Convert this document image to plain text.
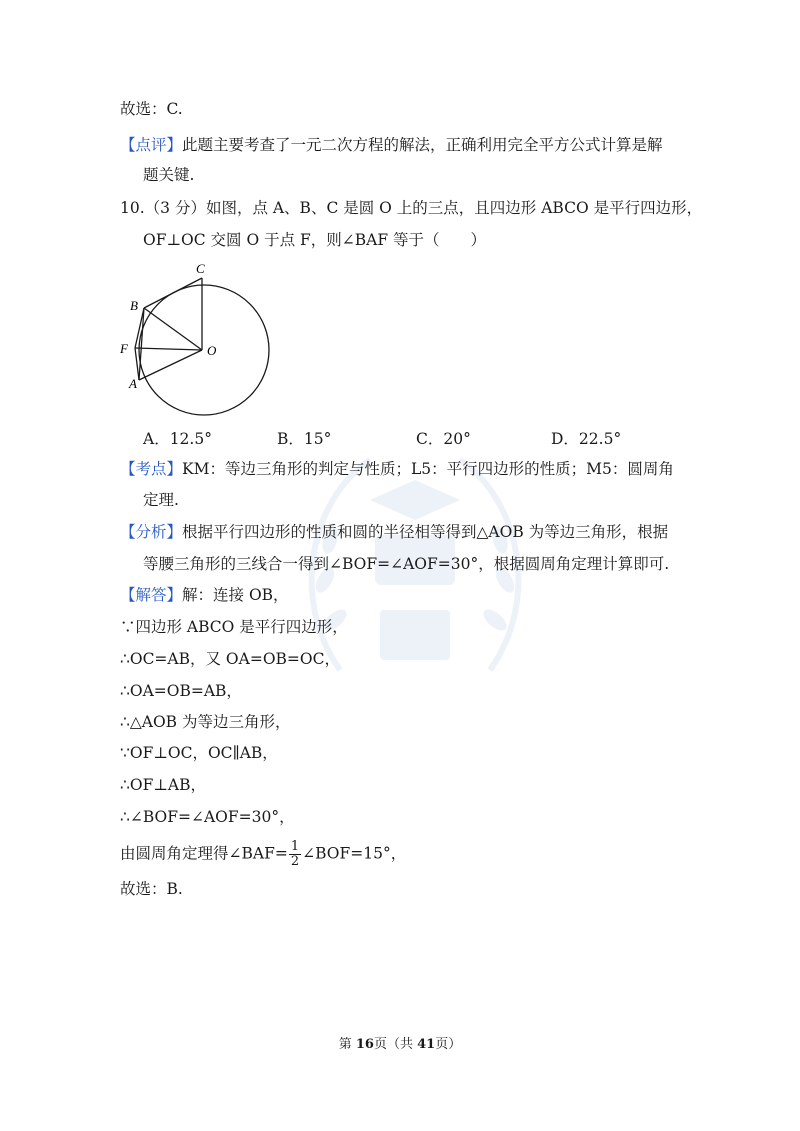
故选：C.
【点评】此题主要考查了一元二次方程的解法，正确利用完全平方公式计算是解
题关键.
10.（3 分）如图，点 A、B、C 是圆 O 上的三点，且四边形 ABCO 是平行四边形，
OF⊥OC 交圆 O 于点 F，则∠BAF 等于（　　）
C
B
F	O
A
A．12.5°	B．15°	C．20°	D．22.5°
【考点】KM：等边三角形的判定与性质；L5：平行四边形的性质；M5：圆周角
定理.
【分析】根据平行四边形的性质和圆的半径相等得到△AOB 为等边三角形，根据
等腰三角形的三线合一得到∠BOF=∠AOF=30°，根据圆周角定理计算即可.
【解答】解：连接 OB，
∵四边形 ABCO 是平行四边形，
∴OC=AB，又 OA=OB=OC，
∴OA=OB=AB，
∴△AOB 为等边三角形，
∵OF⊥OC，OC∥AB，
∴OF⊥AB，
∴∠BOF=∠AOF=30°，
由圆周角定理得∠BAF= $\frac{1}{2}$ ∠BOF=15°，
故选：B.
第 16页（共 41页）
